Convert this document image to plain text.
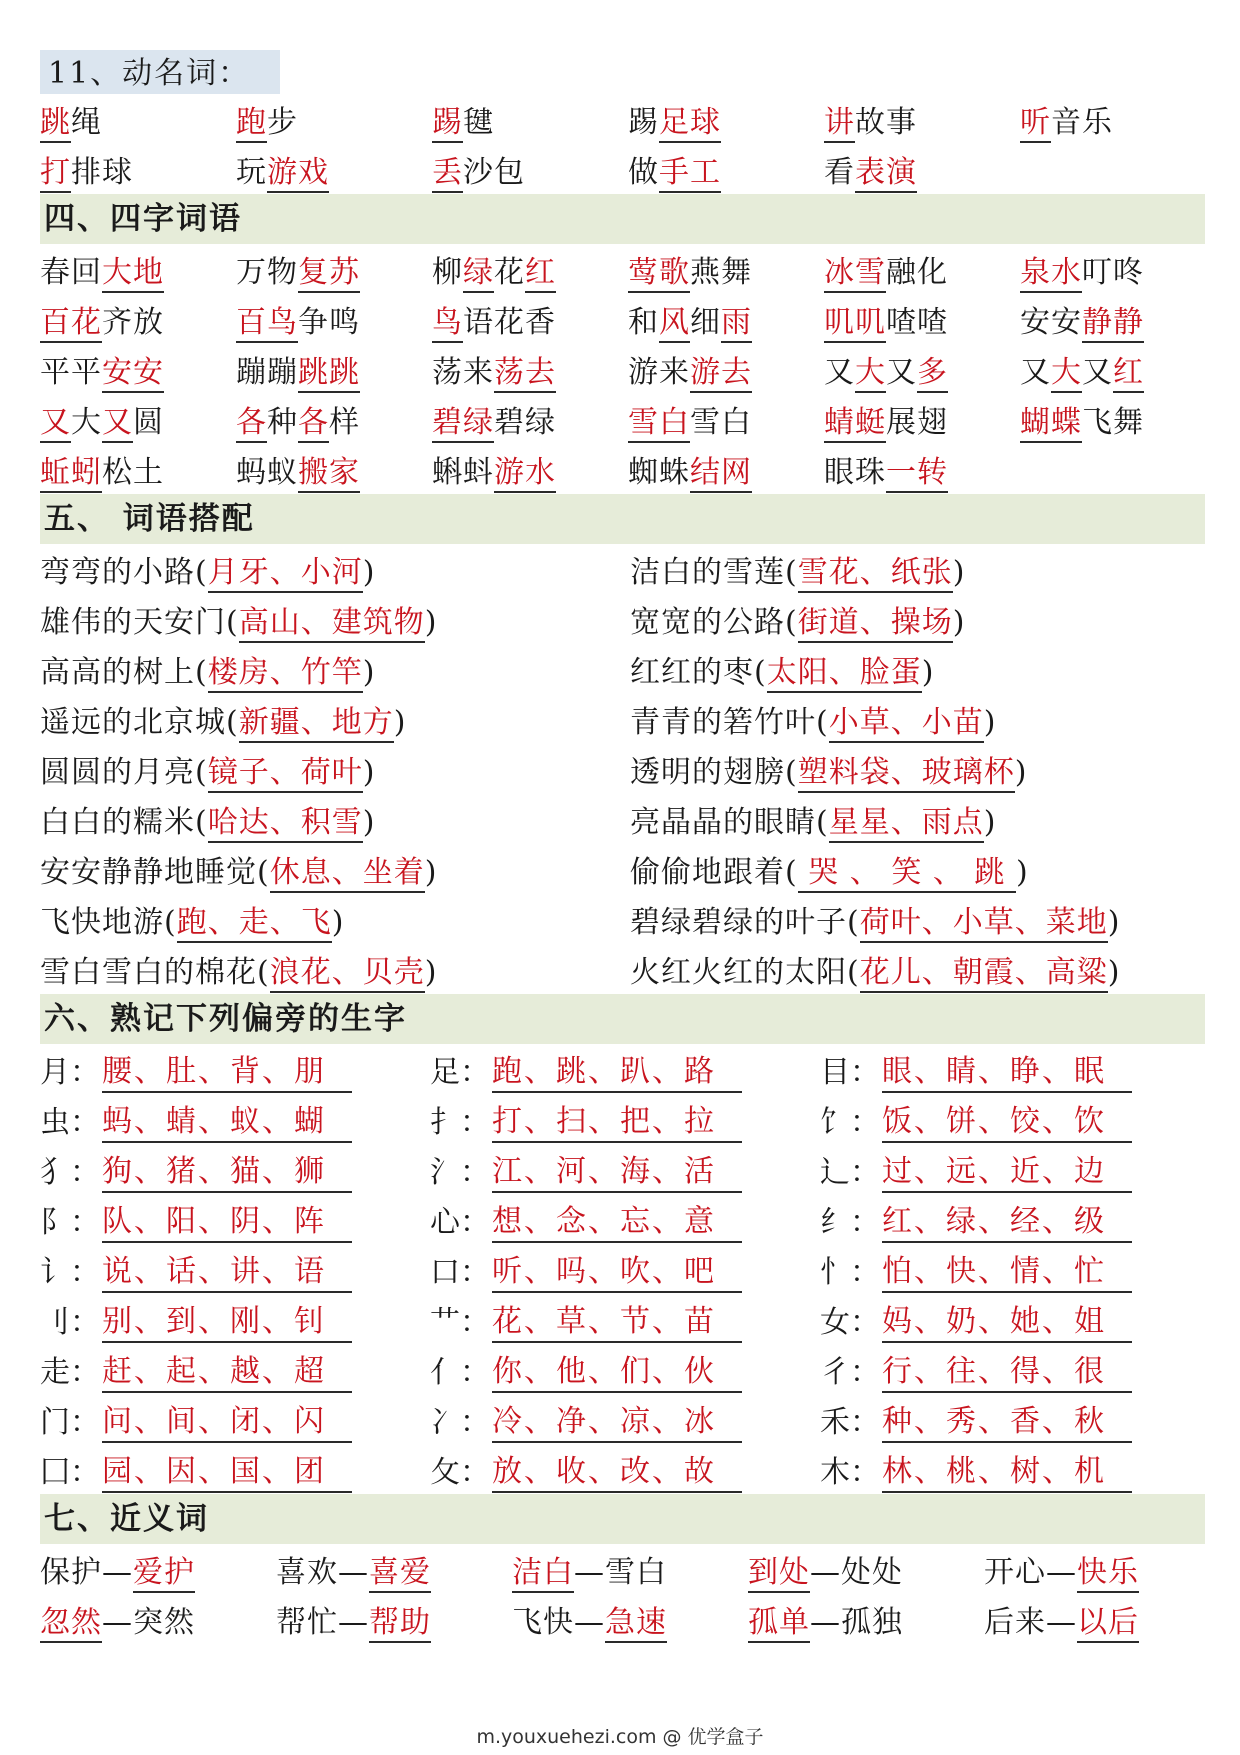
11、动名词：
跳绳	跑步	踢毽	踢足球	讲故事	听音乐
打排球	玩游戏	丢沙包	做手工	看表演
四、四字词语
春回大地	万物复苏	柳绿花红	莺歌燕舞	冰雪融化	泉水叮咚
百花齐放	百鸟争鸣	鸟语花香	和风细雨	叽叽喳喳	安安静静
平平安安	蹦蹦跳跳	荡来荡去	游来游去	又大又多	又大又红
又大又圆	各种各样	碧绿碧绿	雪白雪白	蜻蜓展翅	蝴蝶飞舞
蚯蚓松土	蚂蚁搬家	蝌蚪游水	蜘蛛结网	眼珠一转
五、 词语搭配
弯弯的小路(月牙、小河)	洁白的雪莲(雪花、纸张)
雄伟的天安门(高山、建筑物)	宽宽的公路(街道、操场)
高高的树上(楼房、竹竿)	红红的枣(太阳、脸蛋)
遥远的北京城(新疆、地方)	青青的箬竹叶(小草、小苗)
圆圆的月亮(镜子、荷叶)	透明的翅膀(塑料袋、玻璃杯)
白白的糯米(哈达、积雪)	亮晶晶的眼睛(星星、雨点)
安安静静地睡觉(休息、坐着)	偷偷地跟着( 哭 、 笑 、 跳 )
飞快地游(跑、走、飞)	碧绿碧绿的叶子(荷叶、小草、菜地)
雪白雪白的棉花(浪花、贝壳)	火红火红的太阳(花儿、朝霞、高粱)
六、熟记下列偏旁的生字
月： 腰、肚、背、朋	足： 跑、跳、趴、路	目： 眼、睛、睁、眠
虫： 蚂、蜻、蚁、蝴	扌： 打、扫、把、拉	饣： 饭、饼、饺、饮
犭： 狗、猪、猫、狮	氵： 江、河、海、活	辶： 过、远、近、边
阝： 队、阳、阴、阵	心： 想、念、忘、意	纟： 红、绿、经、级
讠： 说、话、讲、语	口： 听、吗、吹、吧	忄： 怕、快、情、忙
刂： 别、到、刚、钊	艹： 花、草、节、苗	女： 妈、奶、她、姐
走： 赶、起、越、超	亻： 你、他、们、伙	彳： 行、往、得、很
门： 问、间、闭、闪	冫： 冷、净、凉、冰	禾： 种、秀、香、秋
囗： 园、因、国、团	攵： 放、收、改、故	木： 林、桃、树、机
七、近义词
保护—爱护	喜欢—喜爱	洁白—雪白	到处—处处	开心—快乐
忽然—突然	帮忙—帮助	飞快—急速	孤单—孤独	后来—以后
m.youxuehezi.com @ 优学盒子
